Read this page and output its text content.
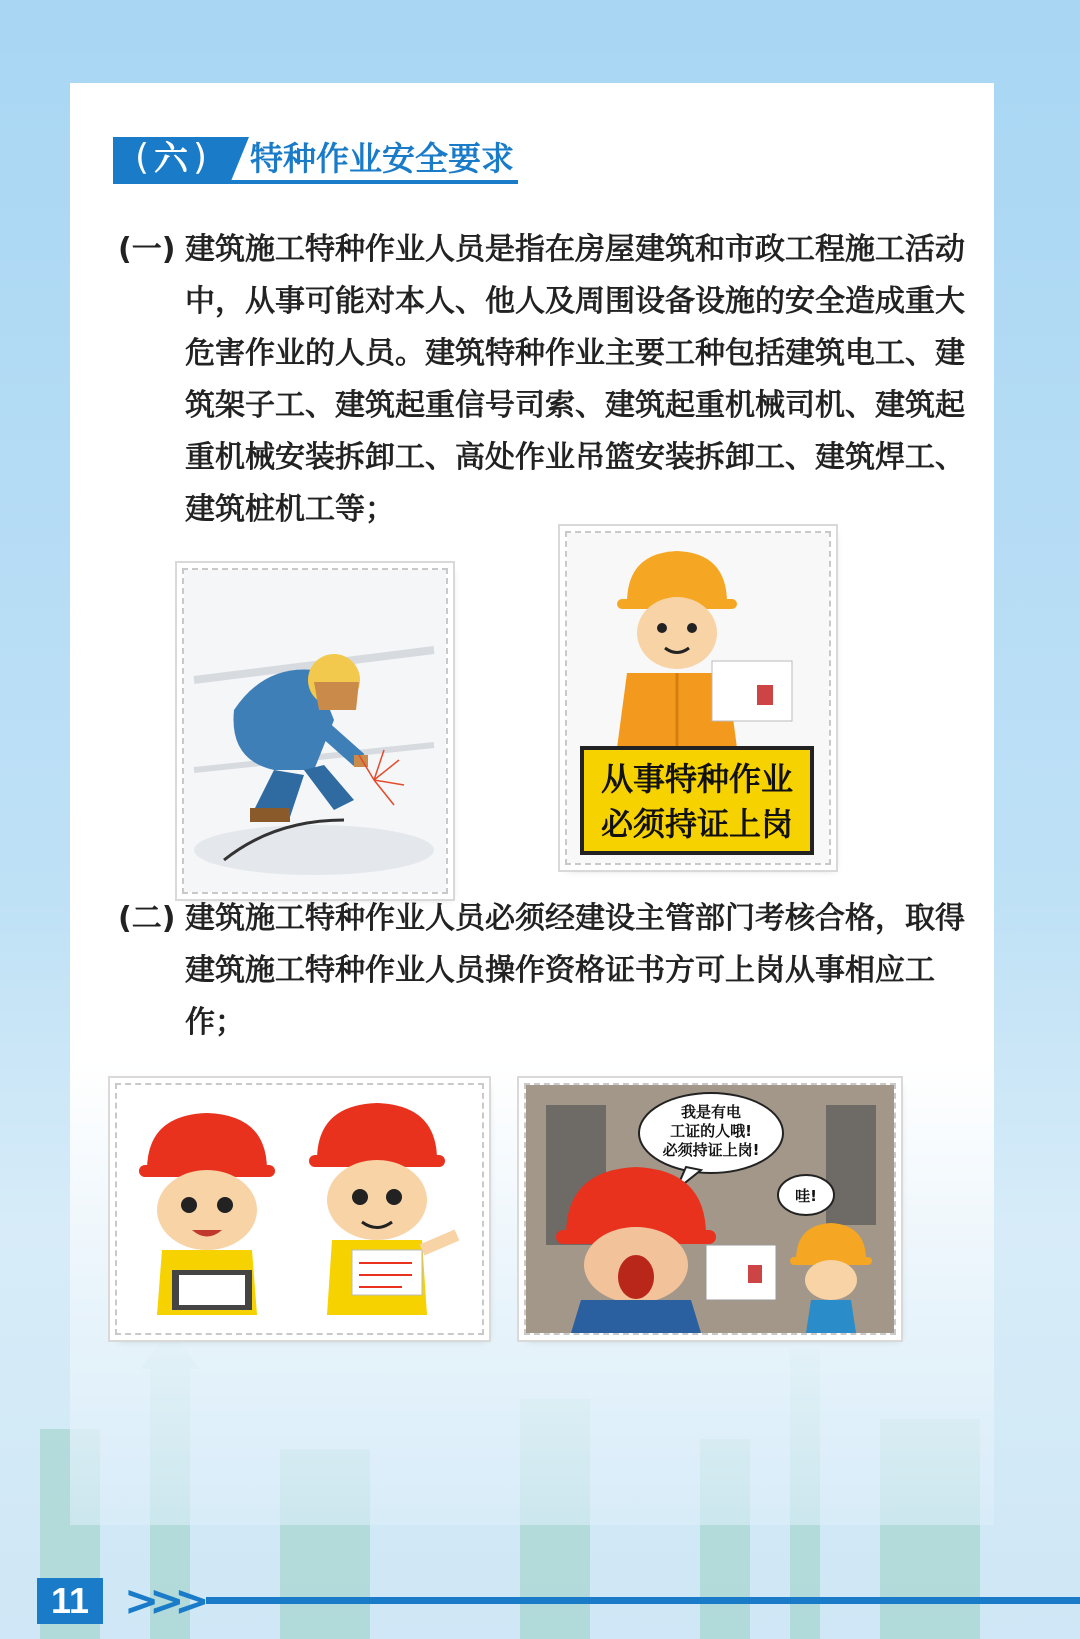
( 六 )	特种作业安全要求
(一) 建筑施工特种作业人员是指在房屋建筑和市政工程施工活动中，从事可能对本人、他人及周围设备设施的安全造成重大危害作业的人员。建筑特种作业主要工种包括建筑电工、建筑架子工、建筑起重信号司索、建筑起重机械司机、建筑起重机械安装拆卸工、高处作业吊篮安装拆卸工、建筑焊工、建筑桩机工等；
从事特种作业
必须持证上岗
(二) 建筑施工特种作业人员必须经建设主管部门考核合格，取得建筑施工特种作业人员操作资格证书方可上岗从事相应工作；
我是有电
工证的人哦!
必须持证上岗!
哇!
11 >>>
